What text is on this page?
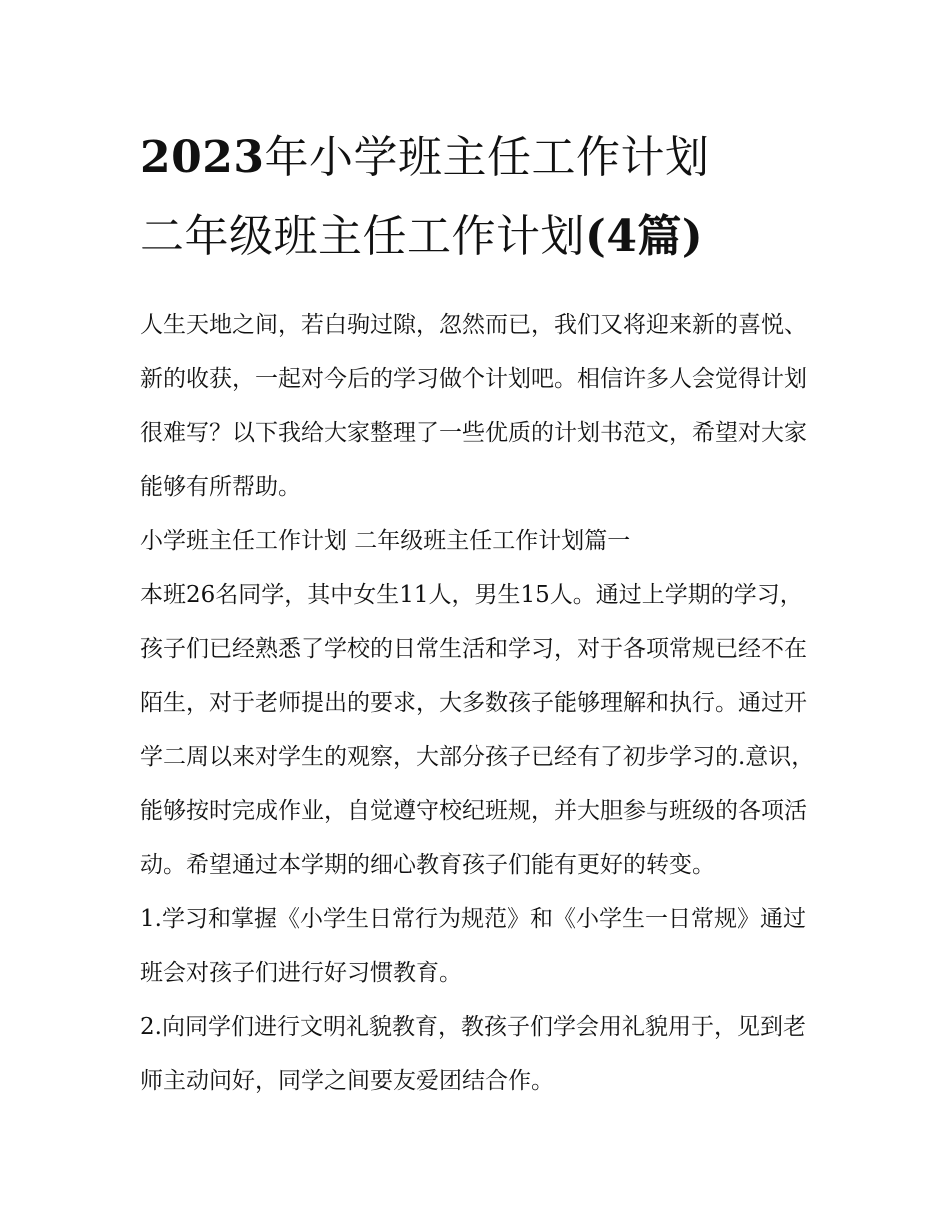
2023年小学班主任工作计划
二年级班主任工作计划(4篇)

人生天地之间，若白驹过隙，忽然而已，我们又将迎来新的喜悦、新的收获，一起对今后的学习做个计划吧。相信许多人会觉得计划很难写？以下我给大家整理了一些优质的计划书范文，希望对大家能够有所帮助。

小学班主任工作计划 二年级班主任工作计划篇一

本班26名同学，其中女生11人，男生15人。通过上学期的学习，孩子们已经熟悉了学校的日常生活和学习，对于各项常规已经不在陌生，对于老师提出的要求，大多数孩子能够理解和执行。通过开学二周以来对学生的观察，大部分孩子已经有了初步学习的.意识，能够按时完成作业，自觉遵守校纪班规，并大胆参与班级的各项活动。希望通过本学期的细心教育孩子们能有更好的转变。

1.学习和掌握《小学生日常行为规范》和《小学生一日常规》通过班会对孩子们进行好习惯教育。

2.向同学们进行文明礼貌教育，教孩子们学会用礼貌用于，见到老师主动问好，同学之间要友爱团结合作。
